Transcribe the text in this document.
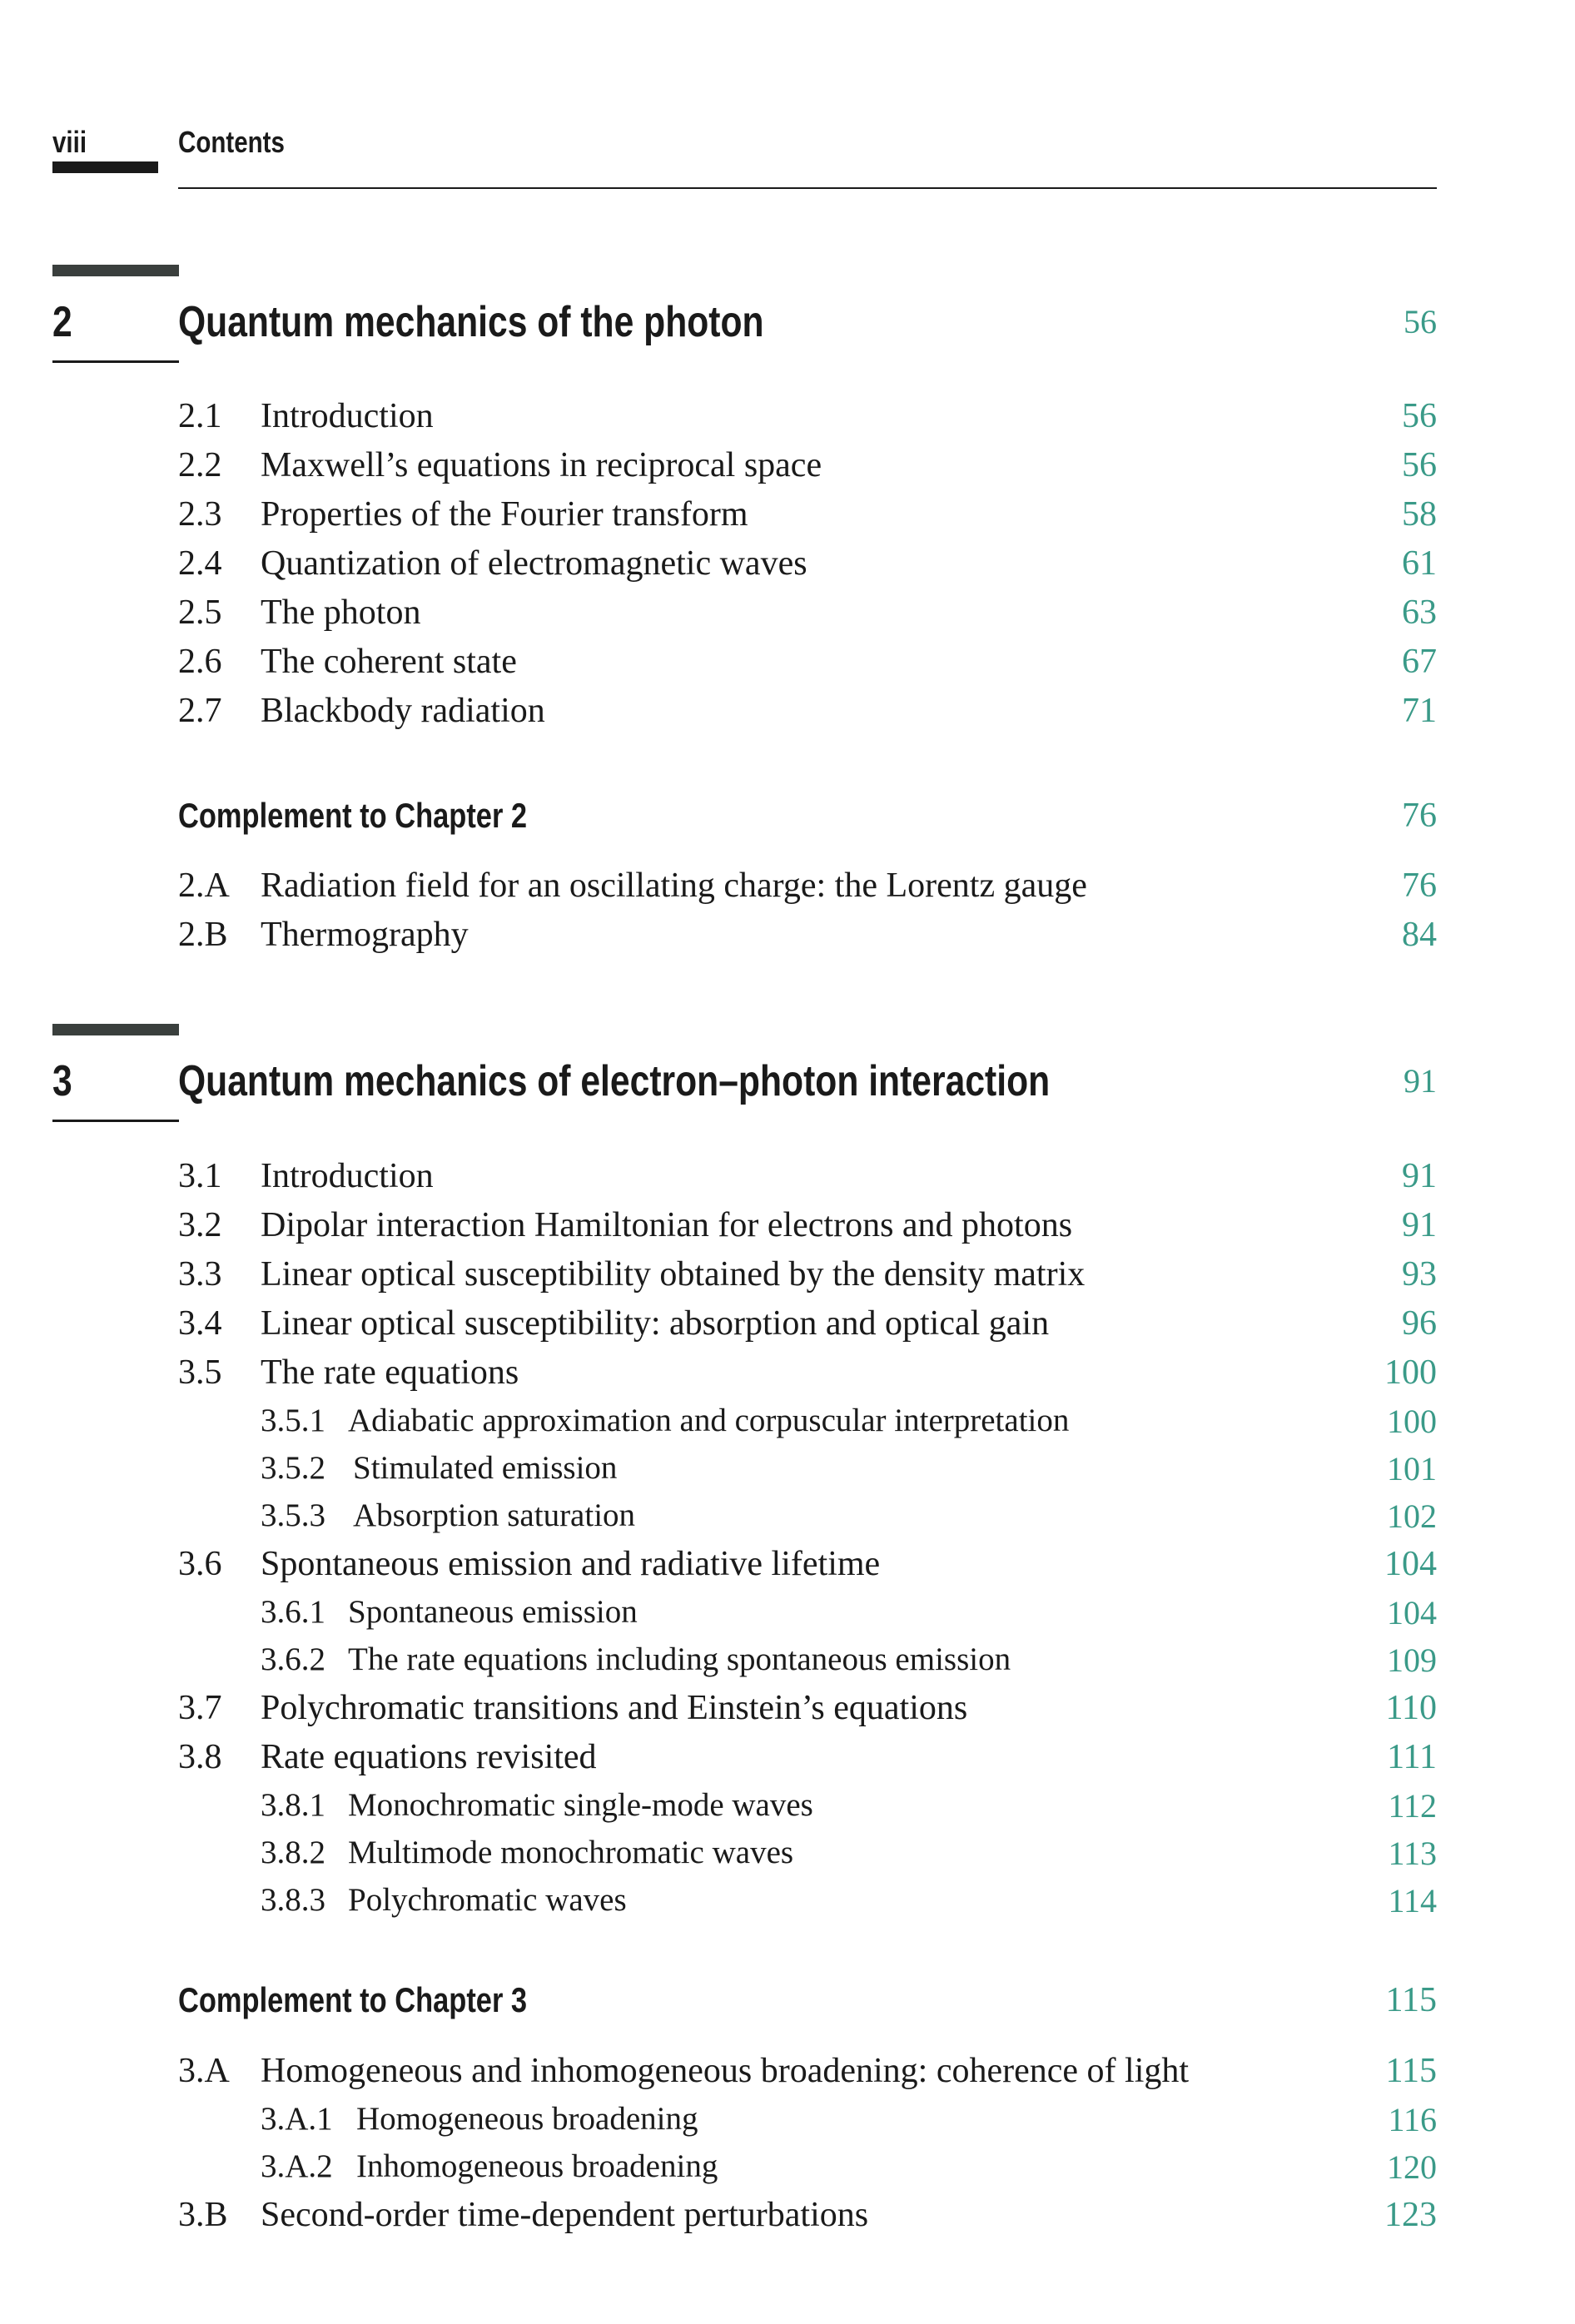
viii	Contents
2 Quantum mechanics of the photon	56
2.1 Introduction	56
2.2 Maxwell’s equations in reciprocal space	56
2.3 Properties of the Fourier transform	58
2.4 Quantization of electromagnetic waves	61
2.5 The photon	63
2.6 The coherent state	67
2.7 Blackbody radiation	71
Complement to Chapter 2	76
2.A Radiation field for an oscillating charge: the Lorentz gauge	76
2.B Thermography	84
3 Quantum mechanics of electron–photon interaction	91
3.1 Introduction	91
3.2 Dipolar interaction Hamiltonian for electrons and photons	91
3.3 Linear optical susceptibility obtained by the density matrix	93
3.4 Linear optical susceptibility: absorption and optical gain	96
3.5 The rate equations	100
3.5.1 Adiabatic approximation and corpuscular interpretation	100
3.5.2 Stimulated emission	101
3.5.3 Absorption saturation	102
3.6 Spontaneous emission and radiative lifetime	104
3.6.1 Spontaneous emission	104
3.6.2 The rate equations including spontaneous emission	109
3.7 Polychromatic transitions and Einstein’s equations	110
3.8 Rate equations revisited	111
3.8.1 Monochromatic single-mode waves	112
3.8.2 Multimode monochromatic waves	113
3.8.3 Polychromatic waves	114
Complement to Chapter 3	115
3.A Homogeneous and inhomogeneous broadening: coherence of light	115
3.A.1 Homogeneous broadening	116
3.A.2 Inhomogeneous broadening	120
3.B Second-order time-dependent perturbations	123
